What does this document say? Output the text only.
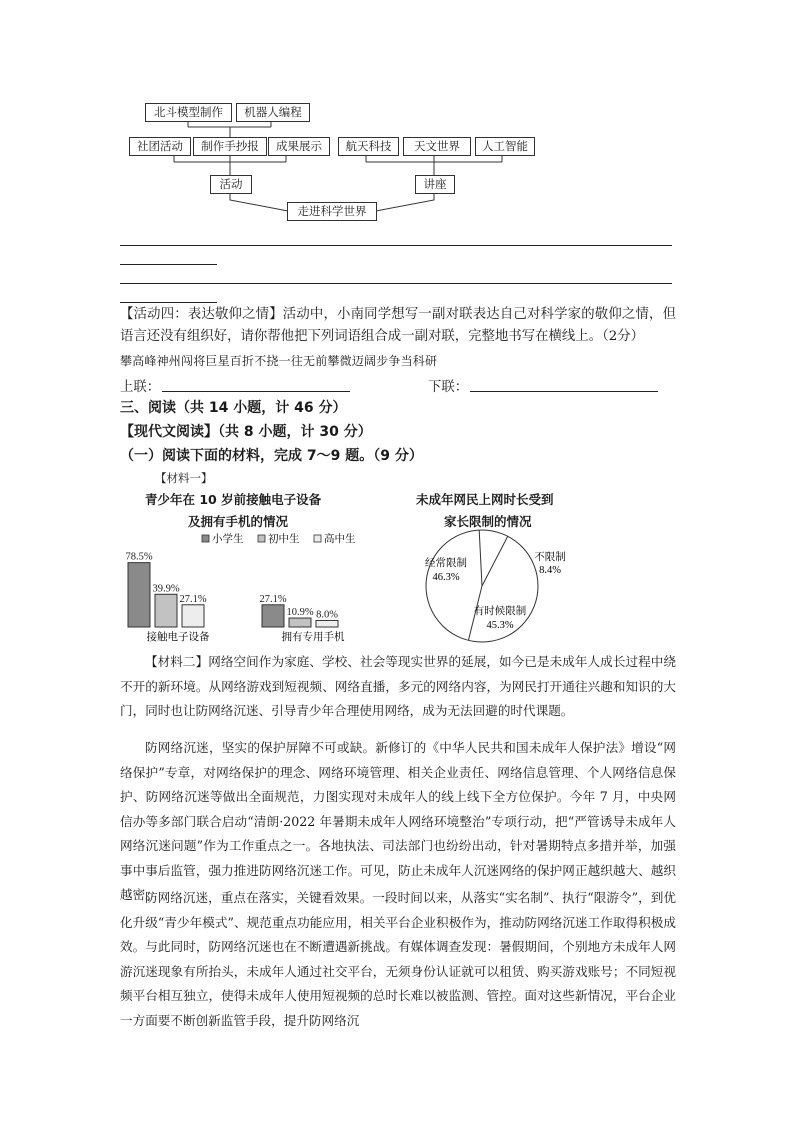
北斗模型制作	机器人编程
社团活动	制作手抄报	成果展示	航天科技	天文世界	人工智能
活动	讲座
走进科学世界
【活动四：表达敬仰之情】活动中，小南同学想写一副对联表达自己对科学家的敬仰之情，但语言还没有组织好，请你帮他把下列词语组合成一副对联，完整地书写在横线上。（2分）
攀高峰神州闯将巨星百折不挠一往无前攀微迈阔步争当科研
上联：	下联：
三、阅读（共 14 小题，计 46 分）
【现代文阅读】（共 8 小题，计 30 分）
（一）阅读下面的材料，完成 7～9 题。（9 分）
【材料一】
青少年在 10 岁前接触电子设备
及拥有手机的情况
78.5%
27.1%
39.9%
10.9%
27.1%
8.0%
接触电子设备	拥有专用手机
小学生 初中生 高中生
未成年网民上网时长受到
家长限制的情况
经常限制
46.3%
有时候限制
45.3%
不限制
8.4%
【材料二】网络空间作为家庭、学校、社会等现实世界的延展，如今已是未成年人成长过程中绕不开的新环境。从网络游戏到短视频、网络直播，多元的网络内容，为网民打开通往兴趣和知识的大门，同时也让防网络沉迷、引导青少年合理使用网络，成为无法回避的时代课题。
防网络沉迷，坚实的保护屏障不可或缺。新修订的《中华人民共和国未成年人保护法》增设“网络保护”专章，对网络保护的理念、网络环境管理、相关企业责任、网络信息管理、个人网络信息保护、防网络沉迷等做出全面规范，力图实现对未成年人的线上线下全方位保护。今年 7 月，中央网信办等多部门联合启动“清朗·2022 年暑期未成年人网络环境整治”专项行动，把“严管诱导未成年人网络沉迷问题”作为工作重点之一。各地执法、司法部门也纷纷出动，针对暑期特点多措并举，加强事中事后监管，强力推进防网络沉迷工作。可见，防止未成年人沉迷网络的保护网正越织越大、越织越密。
防网络沉迷，重点在落实，关键看效果。一段时间以来，从落实“实名制”、执行“限游令”，到优化升级“青少年模式”、规范重点功能应用，相关平台企业积极作为，推动防网络沉迷工作取得积极成效。与此同时，防网络沉迷也在不断遭遇新挑战。有媒体调查发现：暑假期间，个别地方未成年人网游沉迷现象有所抬头，未成年人通过社交平台，无须身份认证就可以租赁、购买游戏账号；不同短视频平台相互独立，使得未成年人使用短视频的总时长难以被监测、管控。面对这些新情况，平台企业一方面要不断创新监管手段，提升防网络沉
